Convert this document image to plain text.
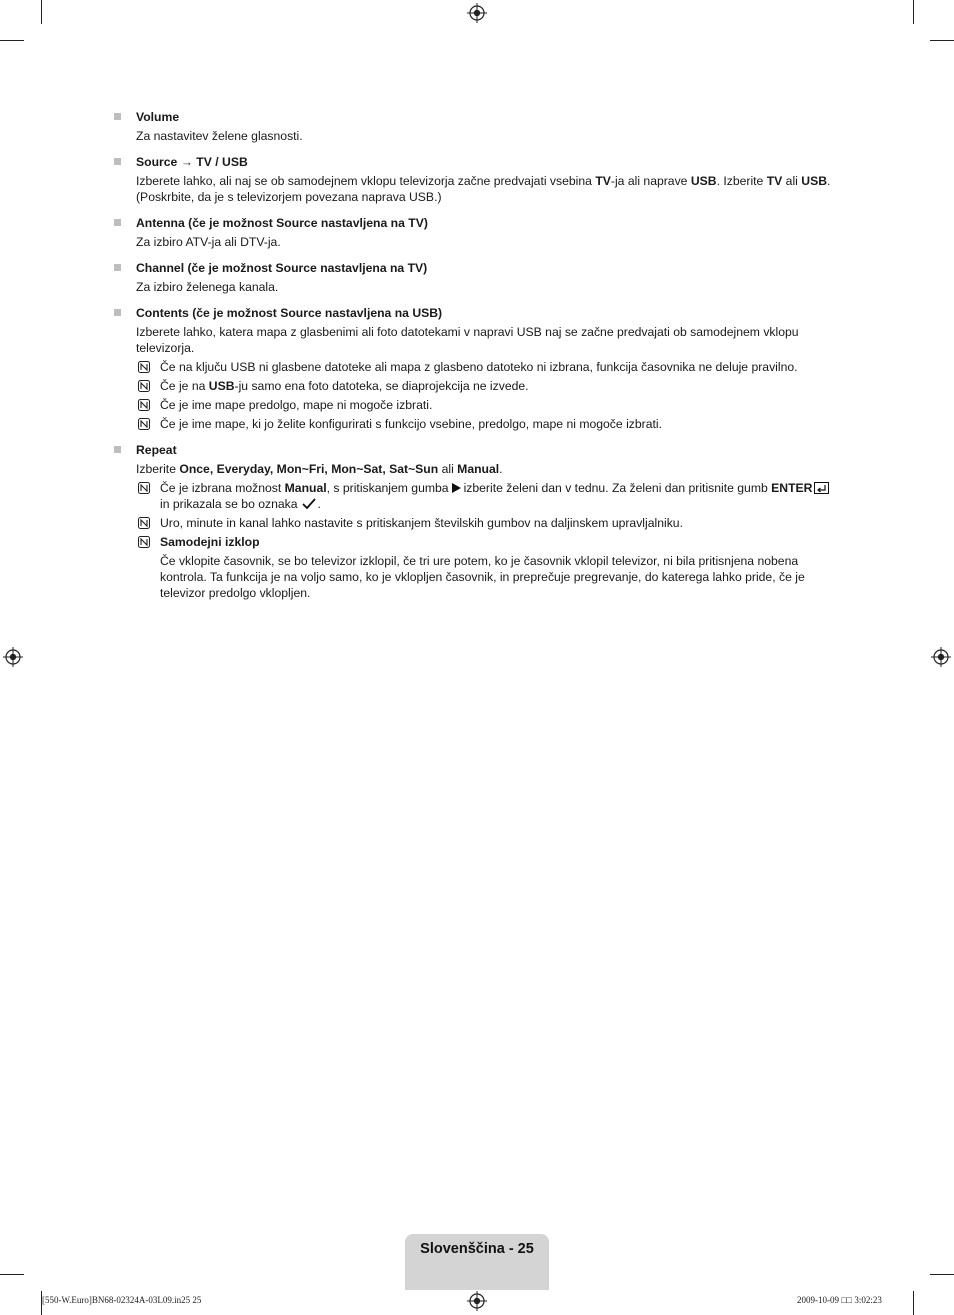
Volume
Za nastavitev želene glasnosti.
Source → TV / USB
Izberete lahko, ali naj se ob samodejnem vklopu televizorja začne predvajati vsebina TV-ja ali naprave USB. Izberite TV ali USB. (Poskrbite, da je s televizorjem povezana naprava USB.)
Antenna (če je možnost Source nastavljena na TV)
Za izbiro ATV-ja ali DTV-ja.
Channel (če je možnost Source nastavljena na TV)
Za izbiro želenega kanala.
Contents (če je možnost Source nastavljena na USB)
Izberete lahko, katera mapa z glasbenimi ali foto datotekami v napravi USB naj se začne predvajati ob samodejnem vklopu televizorja.
Če na ključu USB ni glasbene datoteke ali mapa z glasbeno datoteko ni izbrana, funkcija časovnika ne deluje pravilno.
Če je na USB-ju samo ena foto datoteka, se diaprojekcija ne izvede.
Če je ime mape predolgo, mape ni mogoče izbrati.
Če je ime mape, ki jo želite konfigurirati s funkcijo vsebine, predolgo, mape ni mogoče izbrati.
Repeat
Izberite Once, Everyday, Mon~Fri, Mon~Sat, Sat~Sun ali Manual.
Če je izbrana možnost Manual, s pritiskanjem gumba izberite želeni dan v tednu. Za želeni dan pritisnite gumb ENTER
in prikazala se bo oznaka .
Uro, minute in kanal lahko nastavite s pritiskanjem številskih gumbov na daljinskem upravljalniku.
Samodejni izklop
Če vklopite časovnik, se bo televizor izklopil, če tri ure potem, ko je časovnik vklopil televizor, ni bila pritisnjena nobena kontrola. Ta funkcija je na voljo samo, ko je vklopljen časovnik, in preprečuje pregrevanje, do katerega lahko pride, če je televizor predolgo vklopljen.
Slovenščina - 25
[550-W.Euro]BN68-02324A-03L09.in25 25	2009-10-09 □□ 3:02:23
